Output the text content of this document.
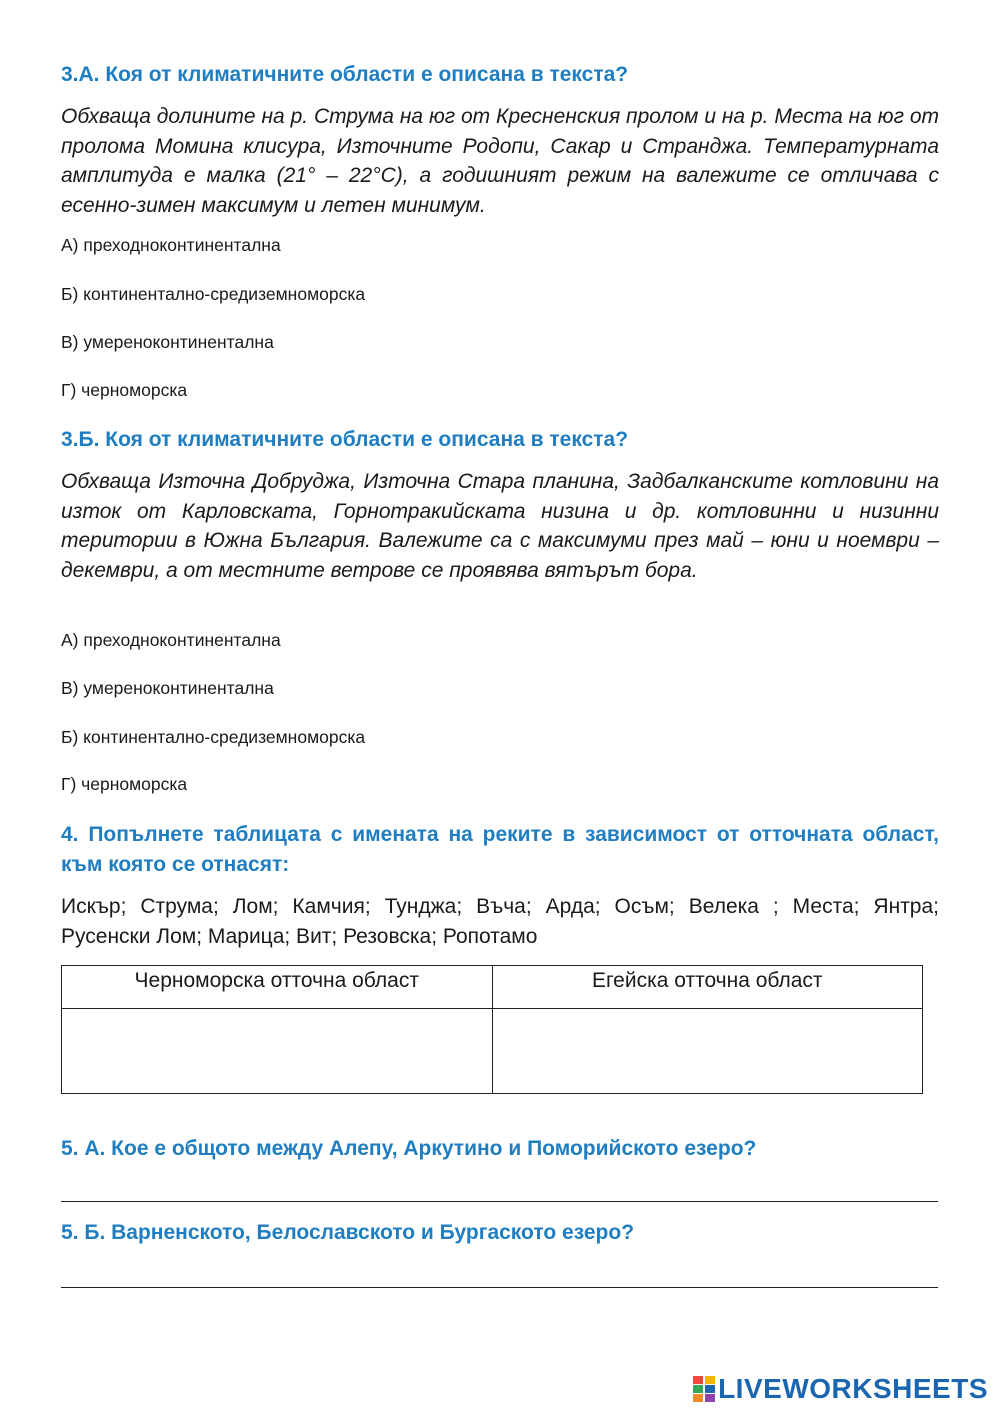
3.А. Коя от климатичните области е описана в текста?

Обхваща долините на р. Струма на юг от Кресненския пролом и на р. Места на юг от пролома Момина клисура, Източните Родопи, Сакар и Странджа. Температурната амплитуда е малка (21° – 22°C), а годишният режим на валежите се отличава с есенно-зимен максимум и летен минимум.

А) преходноконтинентална
Б) континентално-средиземноморска
В) умереноконтинентална
Г) черноморска
3.Б. Коя от климатичните области е описана в текста?

Обхваща Източна Добруджа, Източна Стара планина, Задбалканските котловини на изток от Карловската, Горнотракийската низина и др. котловинни и низинни територии в Южна България. Валежите са с максимуми през май – юни и ноември – декември, а от местните ветрове се проявява вятърът бора.

А) преходноконтинентална
В) умереноконтинентална
Б) континентално-средиземноморска
Г) черноморска
4. Попълнете таблицата с имената на реките в зависимост от отточната област, към която се отнасят:

Искър; Струма; Лом; Камчия; Тунджа; Въча; Арда; Осъм; Велека ; Места; Янтра; Русенски Лом; Марица; Вит; Резовска; Ропотамо

Черноморска отточна област	Егейска отточна област

5. А. Кое е общото между Алепу, Аркутино и Поморийското езеро?
5. Б. Варненското, Белославското и Бургаското езеро?
LIVEWORKSHEETS
